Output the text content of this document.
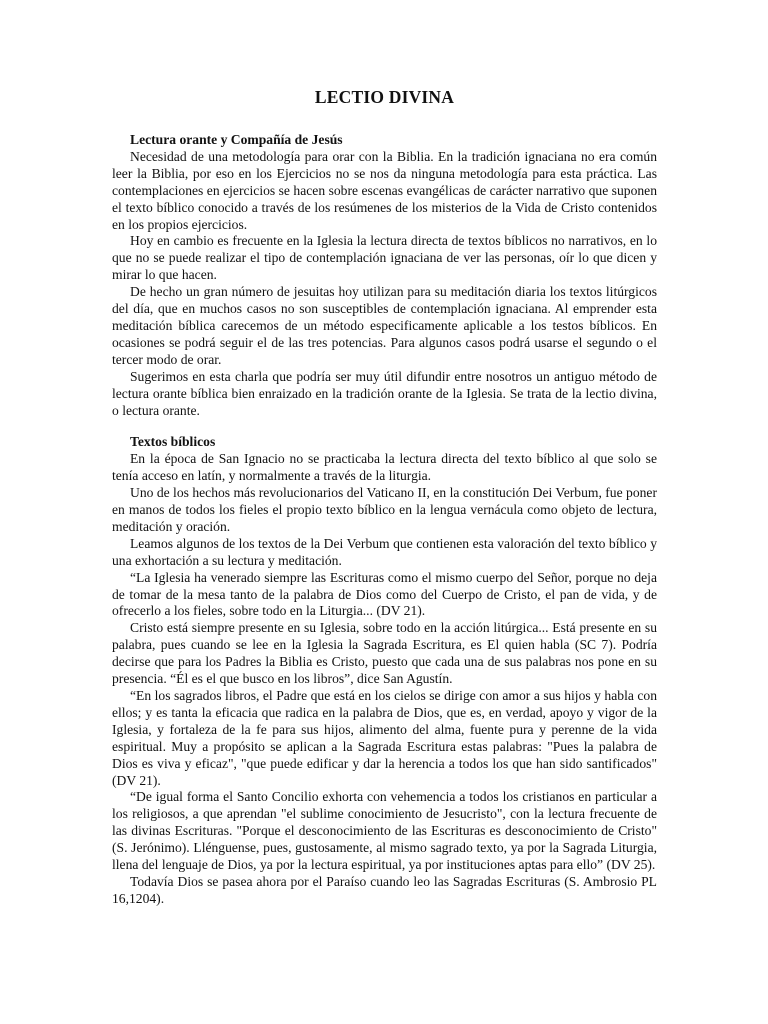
LECTIO DIVINA
Lectura orante y Compañía de Jesús

Necesidad de una metodología para orar con la Biblia. En la tradición ignaciana no era común leer la Biblia, por eso en los Ejercicios no se nos da ninguna metodología para esta práctica. Las contemplaciones en ejercicios se hacen sobre escenas evangélicas de carácter narrativo que suponen el texto bíblico conocido a través de los resúmenes de los misterios de la Vida de Cristo contenidos en los propios ejercicios.

Hoy en cambio es frecuente en la Iglesia la lectura directa de textos bíblicos no narrativos, en lo que no se puede realizar el tipo de contemplación ignaciana de ver las personas, oír lo que dicen y mirar lo que hacen.

De hecho un gran número de jesuitas hoy utilizan para su meditación diaria los textos litúrgicos del día, que en muchos casos no son susceptibles de contemplación ignaciana. Al emprender esta meditación bíblica carecemos de un método especificamente aplicable a los testos bíblicos. En ocasiones se podrá seguir el de las tres potencias. Para algunos casos podrá usarse el segundo o el tercer modo de orar.

Sugerimos en esta charla que podría ser muy útil difundir entre nosotros un antiguo método de lectura orante bíblica bien enraizado en la tradición orante de la Iglesia. Se trata de la lectio divina, o lectura orante.

Textos bíblicos

En la época de San Ignacio no se practicaba la lectura directa del texto bíblico al que solo se tenía acceso en latín, y normalmente a través de la liturgia.

Uno de los hechos más revolucionarios del Vaticano II, en la constitución Dei Verbum, fue poner en manos de todos los fieles el propio texto bíblico en la lengua vernácula como objeto de lectura, meditación y oración.

Leamos algunos de los textos de la Dei Verbum que contienen esta valoración del texto bíblico y una exhortación a su lectura y meditación.

“La Iglesia ha venerado siempre las Escrituras como el mismo cuerpo del Señor, porque no deja de tomar de la mesa tanto de la palabra de Dios como del Cuerpo de Cristo, el pan de vida, y de ofrecerlo a los fieles, sobre todo en la Liturgia... (DV 21).

Cristo está siempre presente en su Iglesia, sobre todo en la acción litúrgica... Está presente en su palabra, pues cuando se lee en la Iglesia la Sagrada Escritura, es El quien habla (SC 7). Podría decirse que para los Padres la Biblia es Cristo, puesto que cada una de sus palabras nos pone en su presencia. “Él es el que busco en los libros”, dice San Agustín.

“En los sagrados libros, el Padre que está en los cielos se dirige con amor a sus hijos y habla con ellos; y es tanta la eficacia que radica en la palabra de Dios, que es, en verdad, apoyo y vigor de la Iglesia, y fortaleza de la fe para sus hijos, alimento del alma, fuente pura y perenne de la vida espiritual. Muy a propósito se aplican a la Sagrada Escritura estas palabras: "Pues la palabra de Dios es viva y eficaz", "que puede edificar y dar la herencia a todos los que han sido santificados" (DV 21).

“De igual forma el Santo Concilio exhorta con vehemencia a todos los cristianos en particular a los religiosos, a que aprendan "el sublime conocimiento de Jesucristo", con la lectura frecuente de las divinas Escrituras. "Porque el desconocimiento de las Escrituras es desconocimiento de Cristo" (S. Jerónimo). Llénguense, pues, gustosamente, al mismo sagrado texto, ya por la Sagrada Liturgia, llena del lenguaje de Dios, ya por la lectura espiritual, ya por instituciones aptas para ello” (DV 25).

Todavía Dios se pasea ahora por el Paraíso cuando leo las Sagradas Escrituras (S. Ambrosio PL 16,1204).
